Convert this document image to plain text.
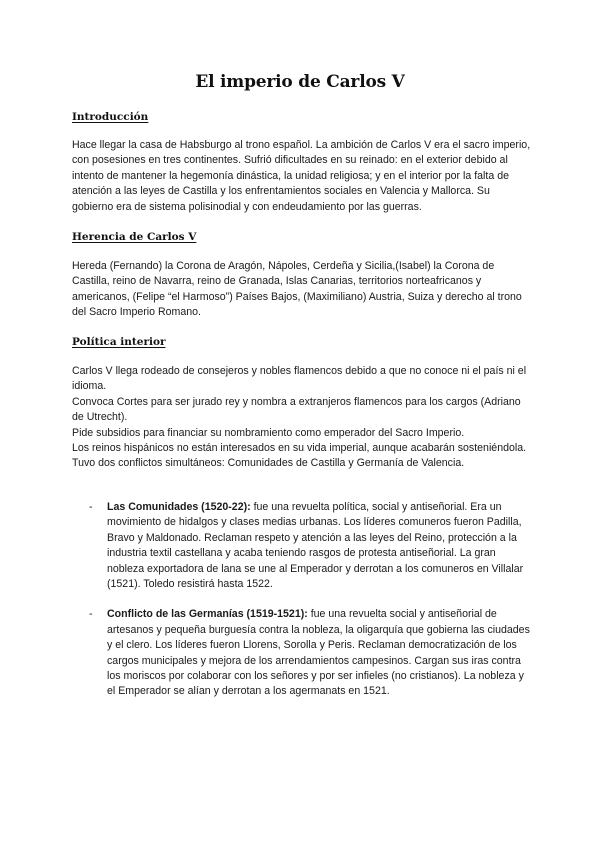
El imperio de Carlos V
Introducción

Hace llegar la casa de Habsburgo al trono español. La ambición de Carlos V era el sacro imperio, con posesiones en tres continentes. Sufrió dificultades en su reinado: en el exterior debido al intento de mantener la hegemonía dinástica, la unidad religiosa; y en el interior por la falta de atención a las leyes de Castilla y los enfrentamientos sociales en Valencia y Mallorca. Su gobierno era de sistema polisinodial y con endeudamiento por las guerras.

Herencia de Carlos V

Hereda (Fernando) la Corona de Aragón, Nápoles, Cerdeña y Sicilia,(Isabel) la Corona de Castilla, reino de Navarra, reino de Granada, Islas Canarias, territorios norteafricanos y americanos, (Felipe “el Harmoso”) Países Bajos, (Maximiliano) Austria, Suiza y derecho al trono del Sacro Imperio Romano.

Política interior

Carlos V llega rodeado de consejeros y nobles flamencos debido a que no conoce ni el país ni el idioma.

Convoca Cortes para ser jurado rey y nombra a extranjeros flamencos para los cargos (Adriano de Utrecht).

Pide subsidios para financiar su nombramiento como emperador del Sacro Imperio.

Los reinos hispánicos no están interesados en su vida imperial, aunque acabarán sosteniéndola.

Tuvo dos conflictos simultáneos: Comunidades de Castilla y Germanía de Valencia.

- Las Comunidades (1520-22): fue una revuelta política, social y antiseñorial. Era un movimiento de hidalgos y clases medias urbanas. Los líderes comuneros fueron Padilla, Bravo y Maldonado. Reclaman respeto y atención a las leyes del Reino, protección a la industria textil castellana y acaba teniendo rasgos de protesta antiseñorial. La gran nobleza exportadora de lana se une al Emperador y derrotan a los comuneros en Villalar (1521). Toledo resistirá hasta 1522.
- Conflicto de las Germanías (1519-1521): fue una revuelta social y antiseñorial de artesanos y pequeña burguesía contra la nobleza, la oligarquía que gobierna las ciudades y el clero. Los líderes fueron Llorens, Sorolla y Peris. Reclaman democratización de los cargos municipales y mejora de los arrendamientos campesinos. Cargan sus iras contra los moriscos por colaborar con los señores y por ser infieles (no cristianos). La nobleza y el Emperador se alían y derrotan a los agermanats en 1521.
